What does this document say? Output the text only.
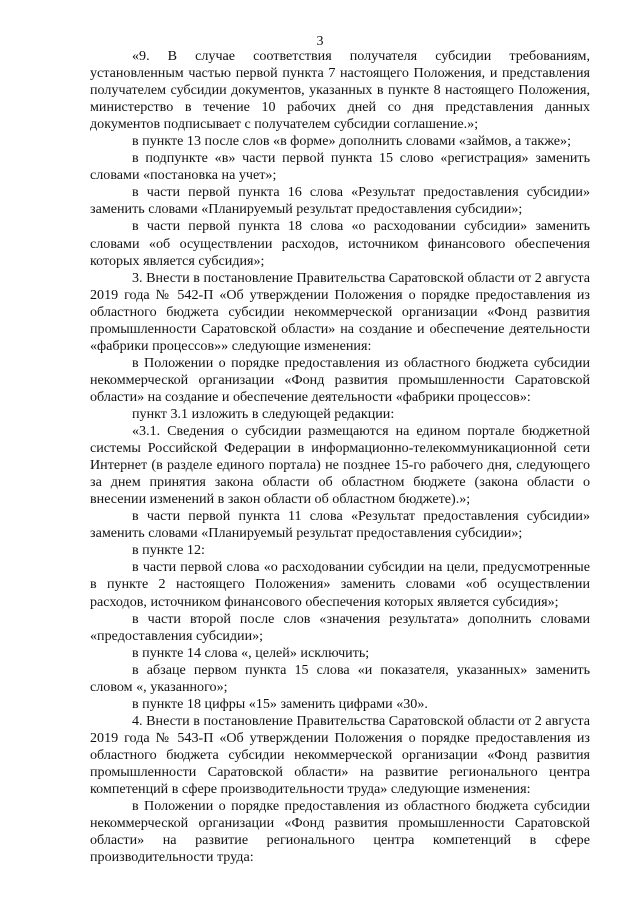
3

«9. В случае соответствия получателя субсидии требованиям, установленным частью первой пункта 7 настоящего Положения, и представления получателем субсидии документов, указанных в пункте 8 настоящего Положения, министерство в течение 10 рабочих дней со дня представления данных документов подписывает с получателем субсидии соглашение.»;

в пункте 13 после слов «в форме» дополнить словами «займов, а также»;

в подпункте «в» части первой пункта 15 слово «регистрация» заменить словами «постановка на учет»;

в части первой пункта 16 слова «Результат предоставления субсидии» заменить словами «Планируемый результат предоставления субсидии»;

в части первой пункта 18 слова «о расходовании субсидии» заменить словами «об осуществлении расходов, источником финансового обеспечения которых является субсидия»;

3. Внести в постановление Правительства Саратовской области от 2 августа 2019 года № 542-П «Об утверждении Положения о порядке предоставления из областного бюджета субсидии некоммерческой организации «Фонд развития промышленности Саратовской области» на создание и обеспечение деятельности «фабрики процессов»» следующие изменения:

в Положении о порядке предоставления из областного бюджета субсидии некоммерческой организации «Фонд развития промышленности Саратовской области» на создание и обеспечение деятельности «фабрики процессов»:

пункт 3.1 изложить в следующей редакции:

«3.1. Сведения о субсидии размещаются на едином портале бюджетной системы Российской Федерации в информационно-телекоммуникационной сети Интернет (в разделе единого портала) не позднее 15-го рабочего дня, следующего за днем принятия закона области об областном бюджете (закона области о внесении изменений в закон области об областном бюджете).»;

в части первой пункта 11 слова «Результат предоставления субсидии» заменить словами «Планируемый результат предоставления субсидии»;

в пункте 12:

в части первой слова «о расходовании субсидии на цели, предусмотренные в пункте 2 настоящего Положения» заменить словами «об осуществлении расходов, источником финансового обеспечения которых является субсидия»;

в части второй после слов «значения результата» дополнить словами «предоставления субсидии»;

в пункте 14 слова «, целей» исключить;

в абзаце первом пункта 15 слова «и показателя, указанных» заменить словом «, указанного»;

в пункте 18 цифры «15» заменить цифрами «30».

4. Внести в постановление Правительства Саратовской области от 2 августа 2019 года № 543-П «Об утверждении Положения о порядке предоставления из областного бюджета субсидии некоммерческой организации «Фонд развития промышленности Саратовской области» на развитие регионального центра компетенций в сфере производительности труда» следующие изменения:

в Положении о порядке предоставления из областного бюджета субсидии некоммерческой организации «Фонд развития промышленности Саратовской области» на развитие регионального центра компетенций в сфере производительности труда:
